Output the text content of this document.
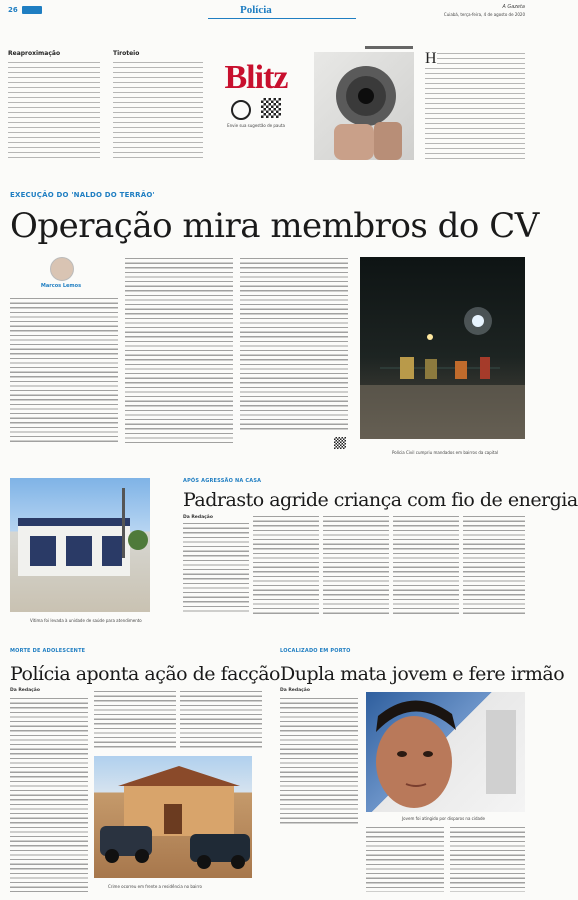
26	Polícia	A Gazeta
Cuiabá, terça-feira, 4 de agosto de 2020
Reaproximação	Tiroteio
Blitz

Envie sua sugestão de pauta
H
EXECUÇÃO DO 'NALDO DO TERRÃO'
Operação mira membros do CV
Marcos Lemos
Polícia Civil cumpriu mandados em bairros da capital
Vítima foi levada à unidade de saúde para atendimento
APÓS AGRESSÃO NA CASA
Padrasto agride criança com fio de energia
Da Redação
MORTE DE ADOLESCENTE
Polícia aponta ação de facção
Da Redação
Crime ocorreu em frente a residência no bairro
LOCALIZADO EM PORTO
Dupla mata jovem e fere irmão
Da Redação
Jovem foi atingido por disparos na cidade
